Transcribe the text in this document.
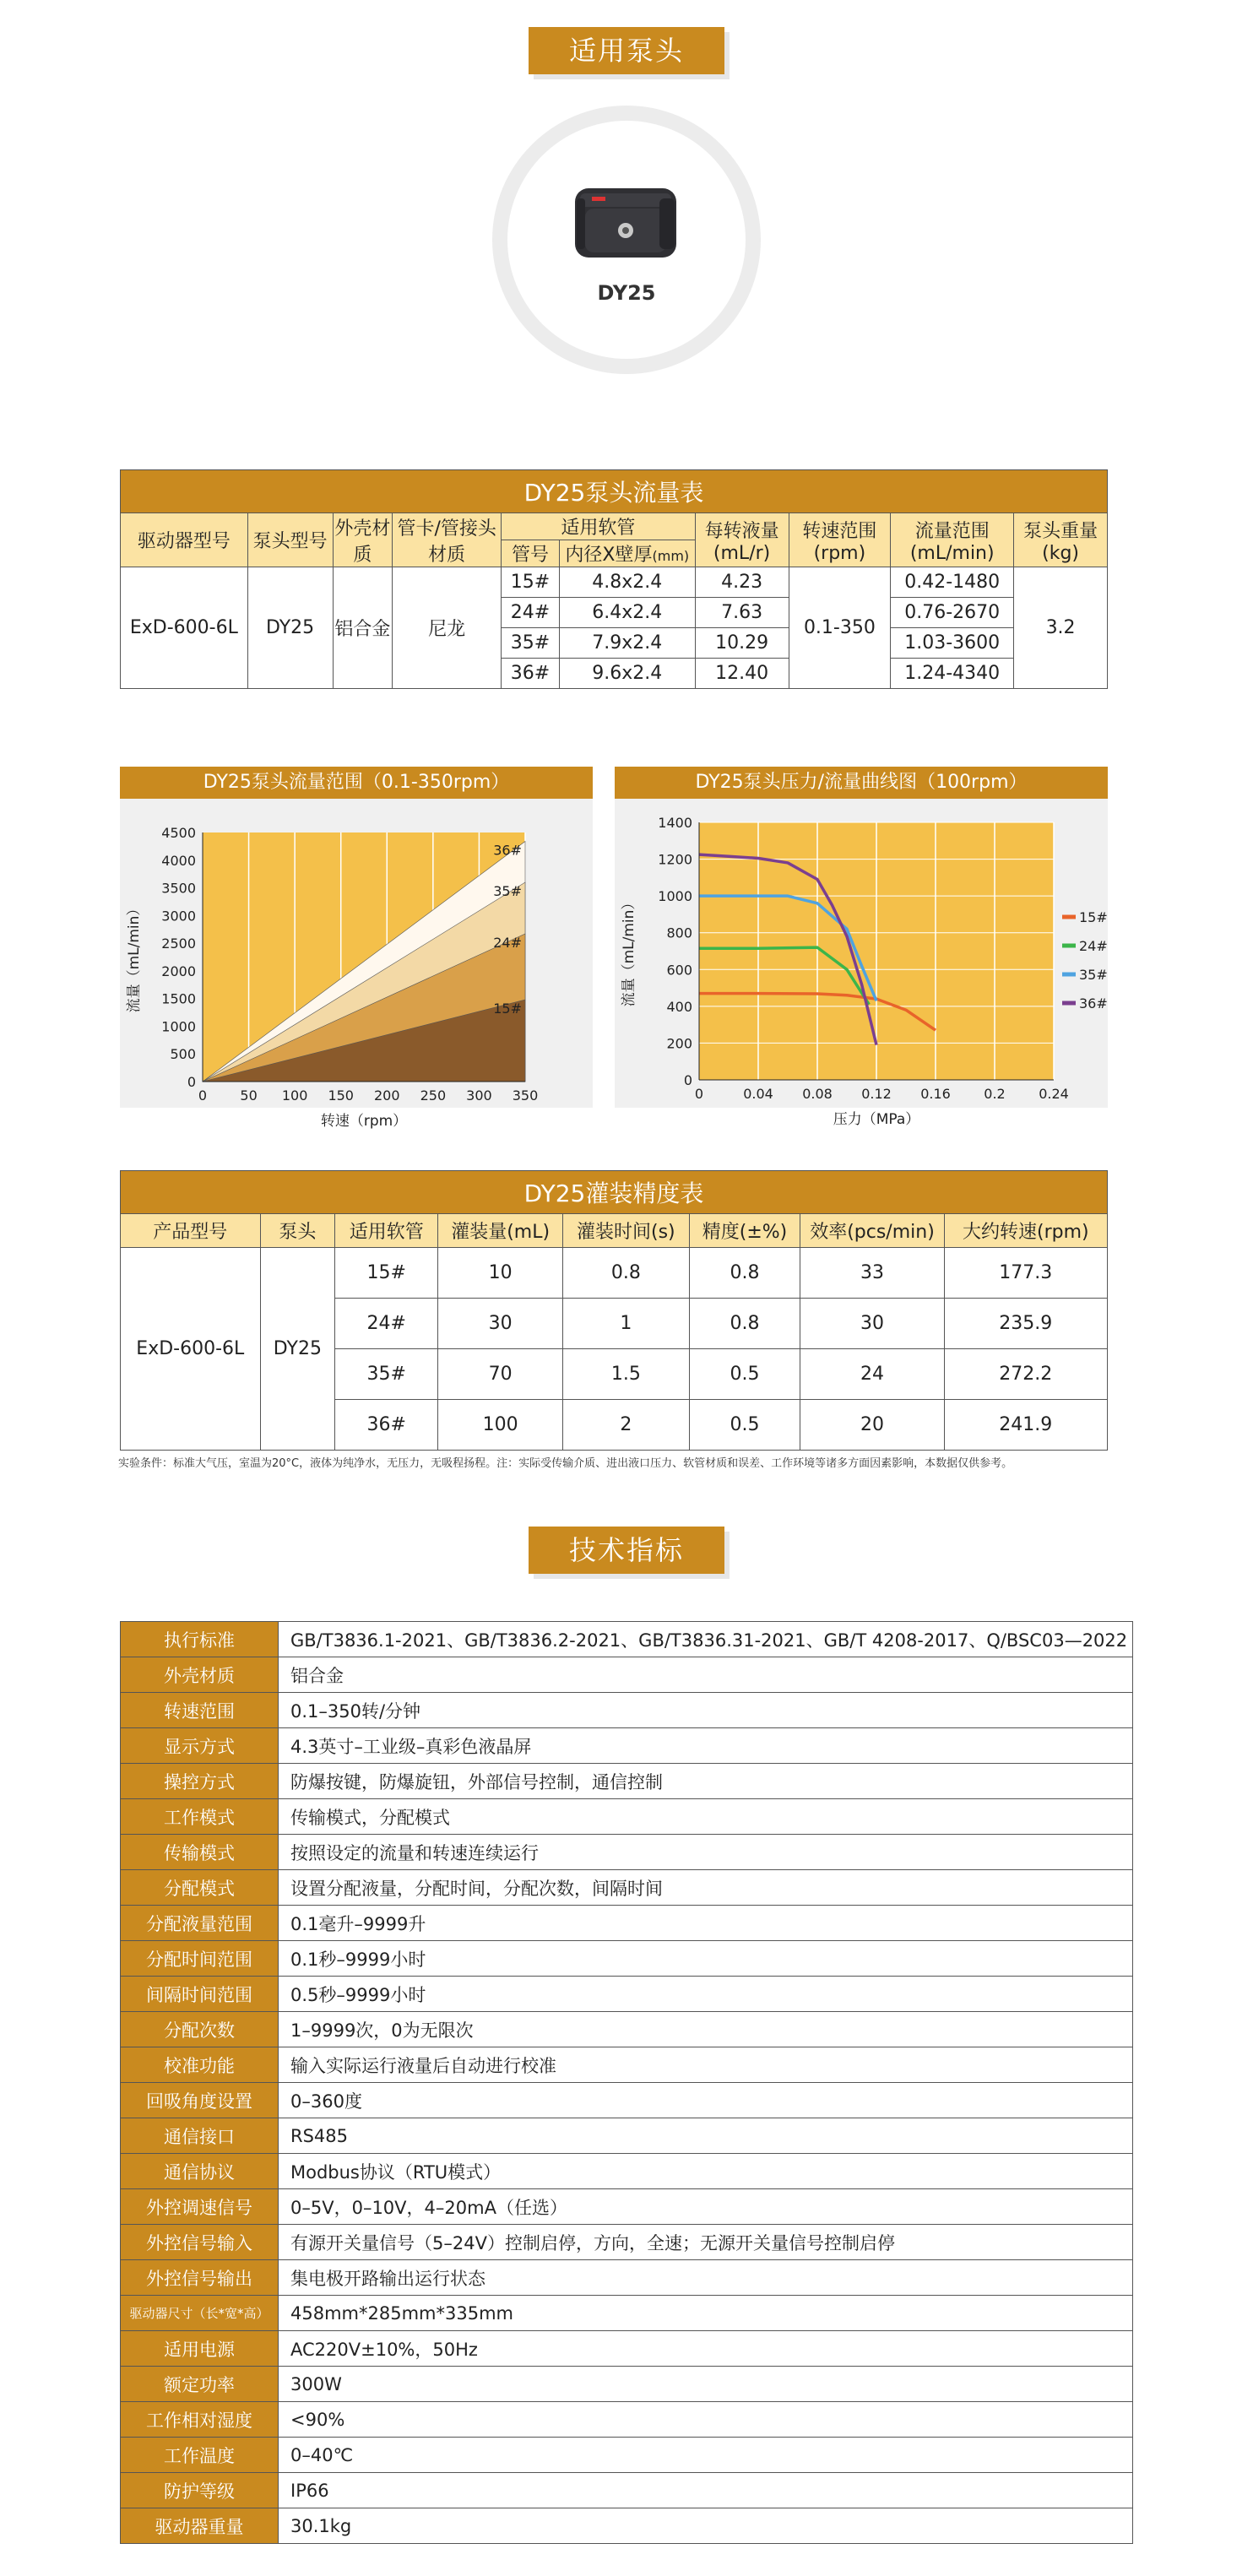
适用泵头
DY25
DY25泵头流量表									
驱动器型号	泵头型号	外壳材质	管卡/管接头材质	适用软管		每转液量(mL/r)	转速范围(rpm)	流量范围(mL/min)	泵头重量(kg)
				管号	内径X壁厚(mm)				
ExD-600-6L	DY25	铝合金	尼龙	15#	4.8x2.4	4.23	0.1-350	0.42-1480	3.2
				24#	6.4x2.4	7.63		0.76-2670	
				35#	7.9x2.4	10.29		1.03-3600	
				36#	9.6x2.4	12.40		1.24-4340	
DY25泵头流量范围（0.1-350rpm）
36#
35#
24#
15#
0 50 100 150 200 250 300 350
0
500
1000
1500
2000
2500
3000
3500
4000
4500
转速（rpm）
流量（mL/min）
DY25泵头压力/流量曲线图（100rpm）
0	0.04 0.08 0.12 0.16 0.2 0.24
0
200
400
600
800
1000
1200
1400
压力（MPa）
流量（mL/min）	15#
24#
35#
36#
DY25灌装精度表							
产品型号	泵头	适用软管	灌装量(mL)	灌装时间(s)	精度(±%)	效率(pcs/min)	大约转速(rpm)
ExD-600-6L	DY25	15#	10	0.8	0.8	33	177.3
		24#	30	1	0.8	30	235.9
		35#	70	1.5	0.5	24	272.2
		36#	100	2	0.5	20	241.9
实验条件：标准大气压，室温为20°C，液体为纯净水，无压力，无吸程扬程。注：实际受传输介质、进出液口压力、软管材质和误差、工作环境等诸多方面因素影响，本数据仅供参考。
技术指标
执行标准	GB/T3836.1-2021、GB/T3836.2-2021、GB/T3836.31-2021、GB/T 4208-2017、Q/BSC03—2022
外壳材质	铝合金
转速范围	0.1–350转/分钟
显示方式	4.3英寸–工业级–真彩色液晶屏
操控方式	防爆按键，防爆旋钮，外部信号控制，通信控制
工作模式	传输模式，分配模式
传输模式	按照设定的流量和转速连续运行
分配模式	设置分配液量，分配时间，分配次数，间隔时间
分配液量范围	0.1毫升–9999升
分配时间范围	0.1秒–9999小时
间隔时间范围	0.5秒–9999小时
分配次数	1–9999次，0为无限次
校准功能	输入实际运行液量后自动进行校准
回吸角度设置	0–360度
通信接口	RS485
通信协议	Modbus协议（RTU模式）
外控调速信号	0–5V，0–10V，4–20mA（任选）
外控信号输入	有源开关量信号（5–24V）控制启停，方向，全速；无源开关量信号控制启停
外控信号输出	集电极开路输出运行状态
驱动器尺寸（长*宽*高）	458mm*285mm*335mm
适用电源	AC220V±10%，50Hz
额定功率	300W
工作相对湿度	<90%
工作温度	0–40℃
防护等级	IP66
驱动器重量	30.1kg
